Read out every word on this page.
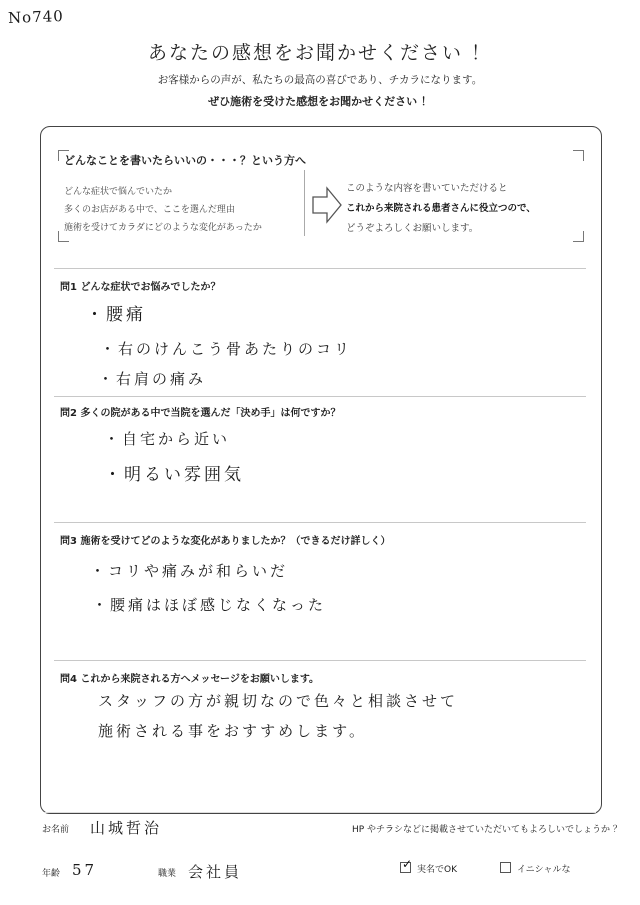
No740
あなたの感想をお聞かせください ！
お客様からの声が、私たちの最高の喜びであり、チカラになります。
ぜひ施術を受けた感想をお聞かせください ！
どんなことを書いたらいいの・・・？という方へ
どんな症状で悩んでいたか
多くのお店がある中で、ここを選んだ理由
施術を受けてカラダにどのような変化があったか
このような内容を書いていただけると
これから来院される患者さんに役立つので、
どうぞよろしくお願いします。
問1 どんな症状でお悩みでしたか？
・腰痛
・右のけんこう骨あたりのコリ
・右肩の痛み
問2 多くの院がある中で当院を選んだ「決め手」は何ですか？
・自宅から近い
・明るい雰囲気
問3 施術を受けてどのような変化がありましたか？（できるだけ詳しく）
・コリや痛みが和らいだ
・腰痛はほぼ感じなくなった
問4 これから来院される方へメッセージをお願いします。
スタッフの方が親切なので色々と相談させて
施術される事をおすすめします。
お名前 山城哲治	HP やチラシなどに掲載させていただいてもよろしいでしょうか ？
年齢 57	職業 会社員	✓ 実名でOK	イニシャルな
